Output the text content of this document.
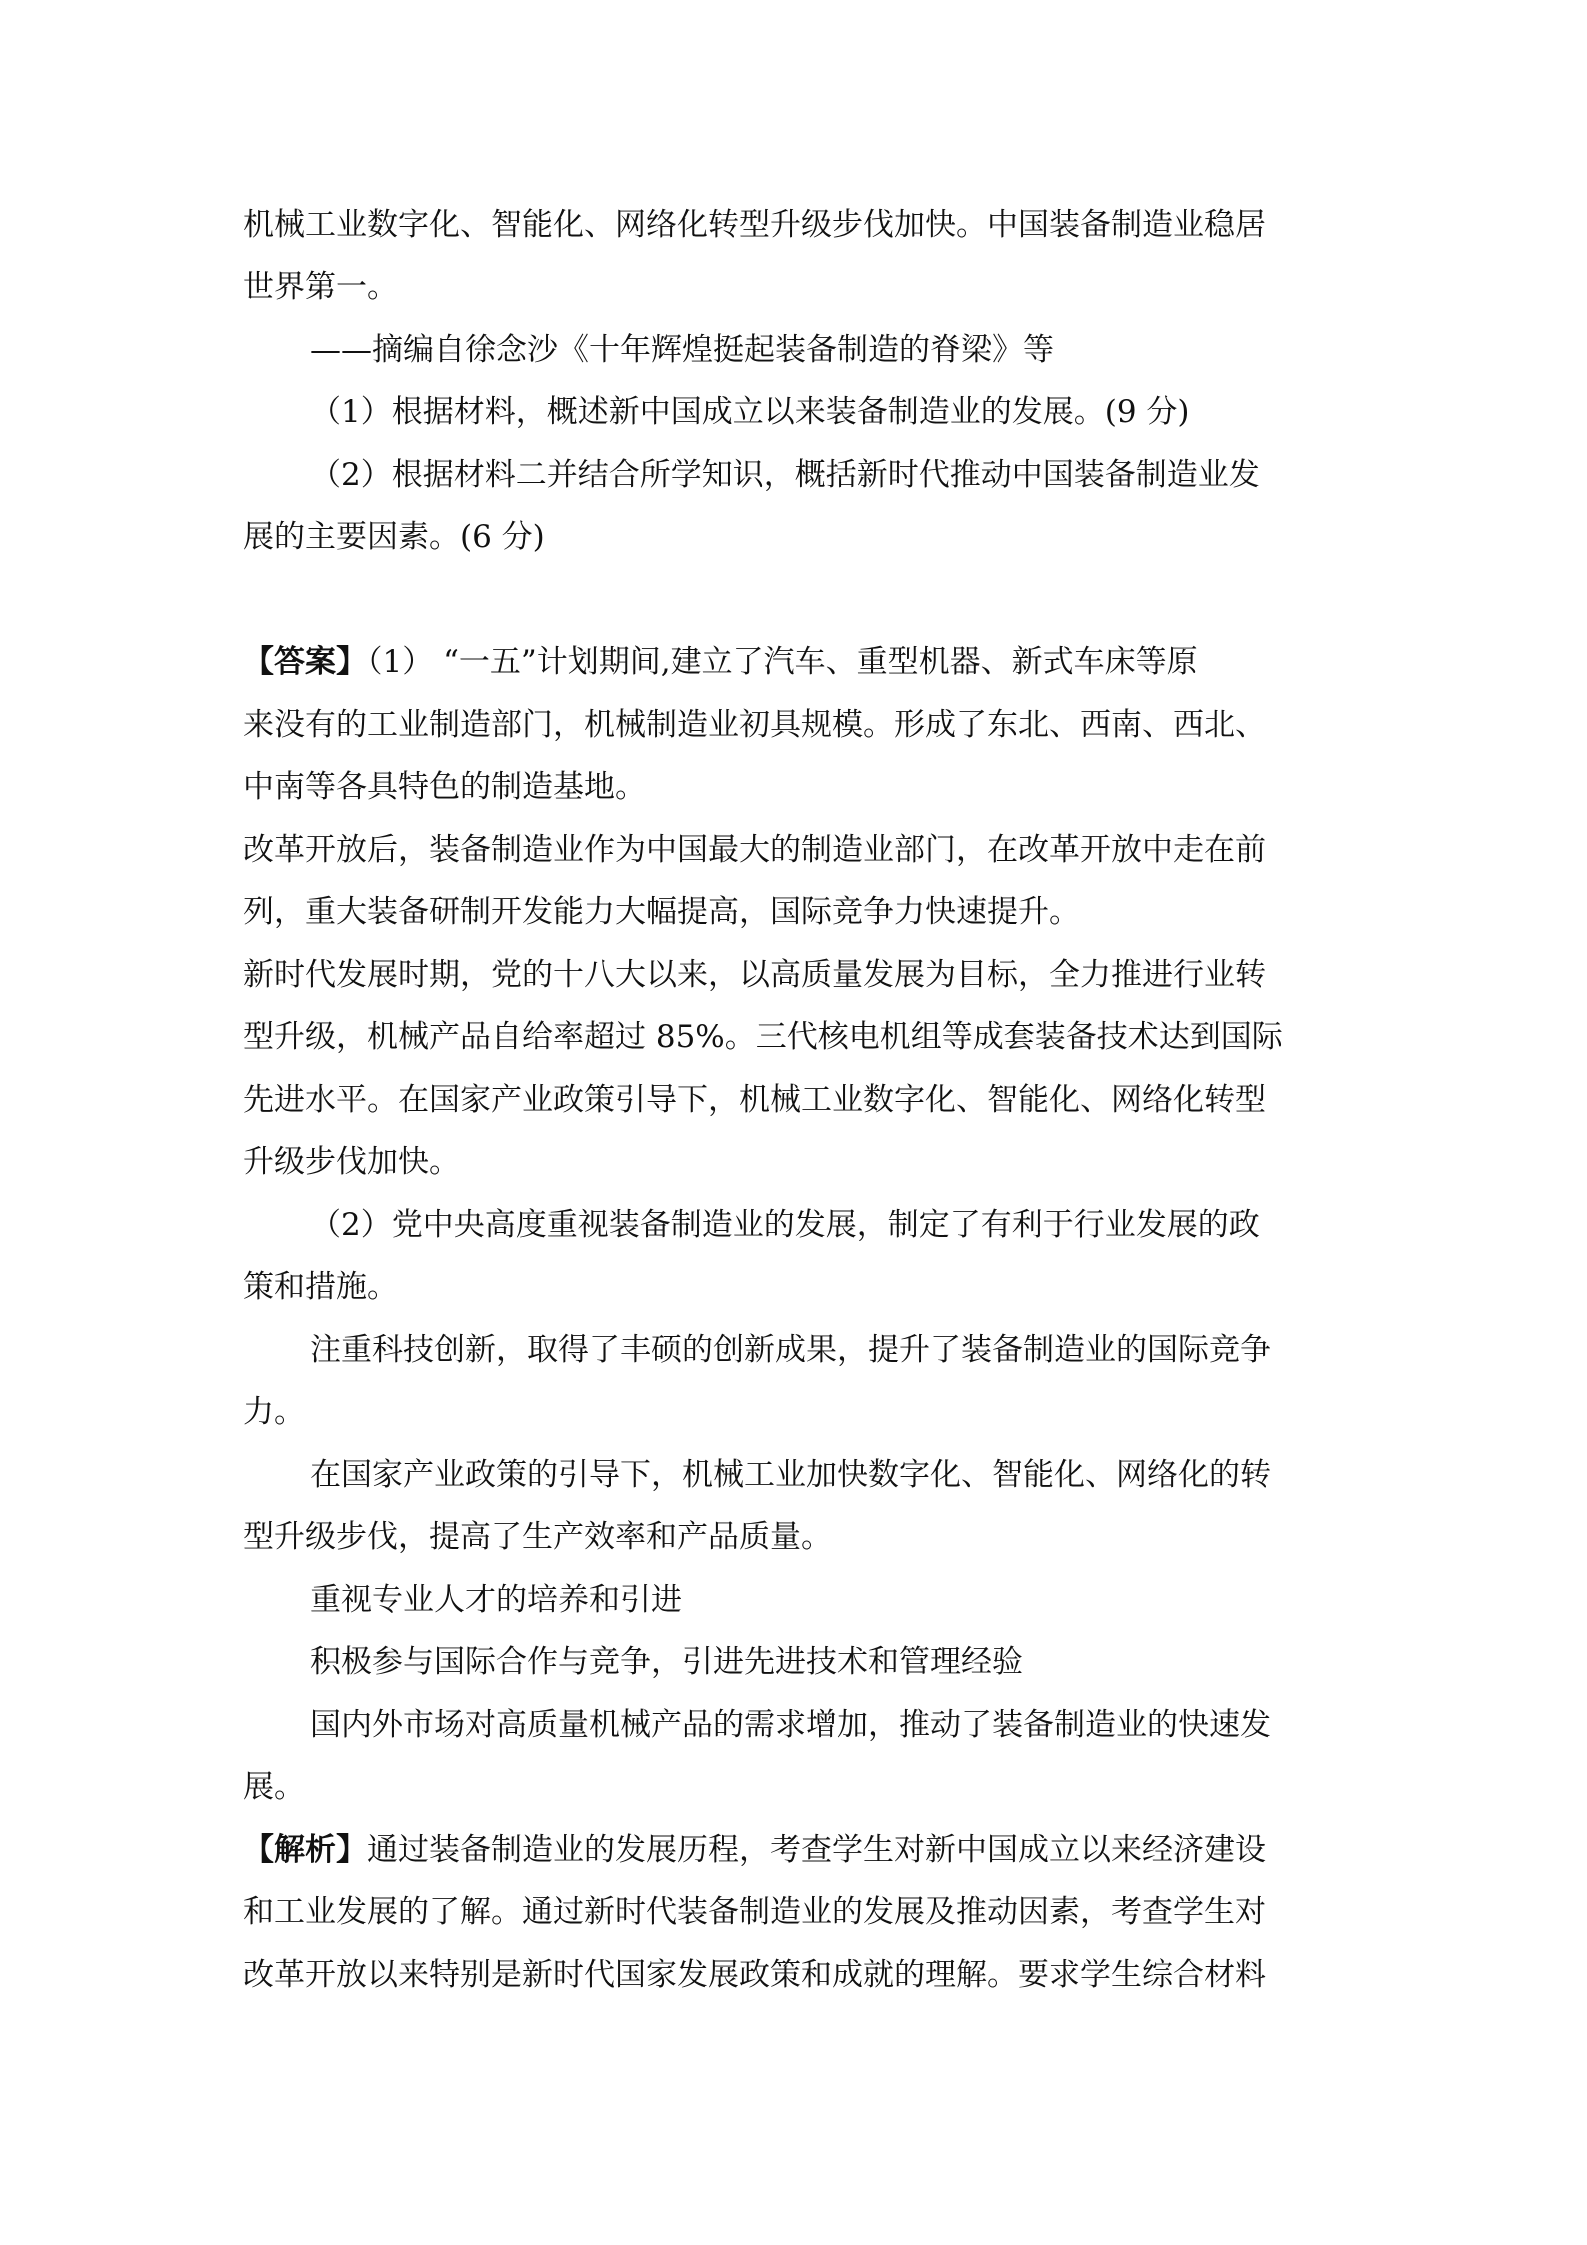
机械工业数字化、智能化、网络化转型升级步伐加快。中国装备制造业稳居
世界第一。
——摘编自徐念沙《十年辉煌挺起装备制造的脊梁》等
（1）根据材料，概述新中国成立以来装备制造业的发展。(9 分)
（2）根据材料二并结合所学知识，概括新时代推动中国装备制造业发
展的主要因素。(6 分)
【答案】（1） “一五”计划期间,建立了汽车、重型机器、新式车床等原
来没有的工业制造部门，机械制造业初具规模。形成了东北、西南、西北、
中南等各具特色的制造基地。
改革开放后，装备制造业作为中国最大的制造业部门，在改革开放中走在前
列，重大装备研制开发能力大幅提高，国际竞争力快速提升。
新时代发展时期，党的十八大以来，以高质量发展为目标，全力推进行业转
型升级，机械产品自给率超过 85%。三代核电机组等成套装备技术达到国际
先进水平。在国家产业政策引导下，机械工业数字化、智能化、网络化转型
升级步伐加快。
（2）党中央高度重视装备制造业的发展，制定了有利于行业发展的政
策和措施。
注重科技创新，取得了丰硕的创新成果，提升了装备制造业的国际竞争
力。
在国家产业政策的引导下，机械工业加快数字化、智能化、网络化的转
型升级步伐，提高了生产效率和产品质量。
重视专业人才的培养和引进
积极参与国际合作与竞争，引进先进技术和管理经验
国内外市场对高质量机械产品的需求增加，推动了装备制造业的快速发
展。
【解析】通过装备制造业的发展历程，考查学生对新中国成立以来经济建设
和工业发展的了解。通过新时代装备制造业的发展及推动因素，考查学生对
改革开放以来特别是新时代国家发展政策和成就的理解。要求学生综合材料
